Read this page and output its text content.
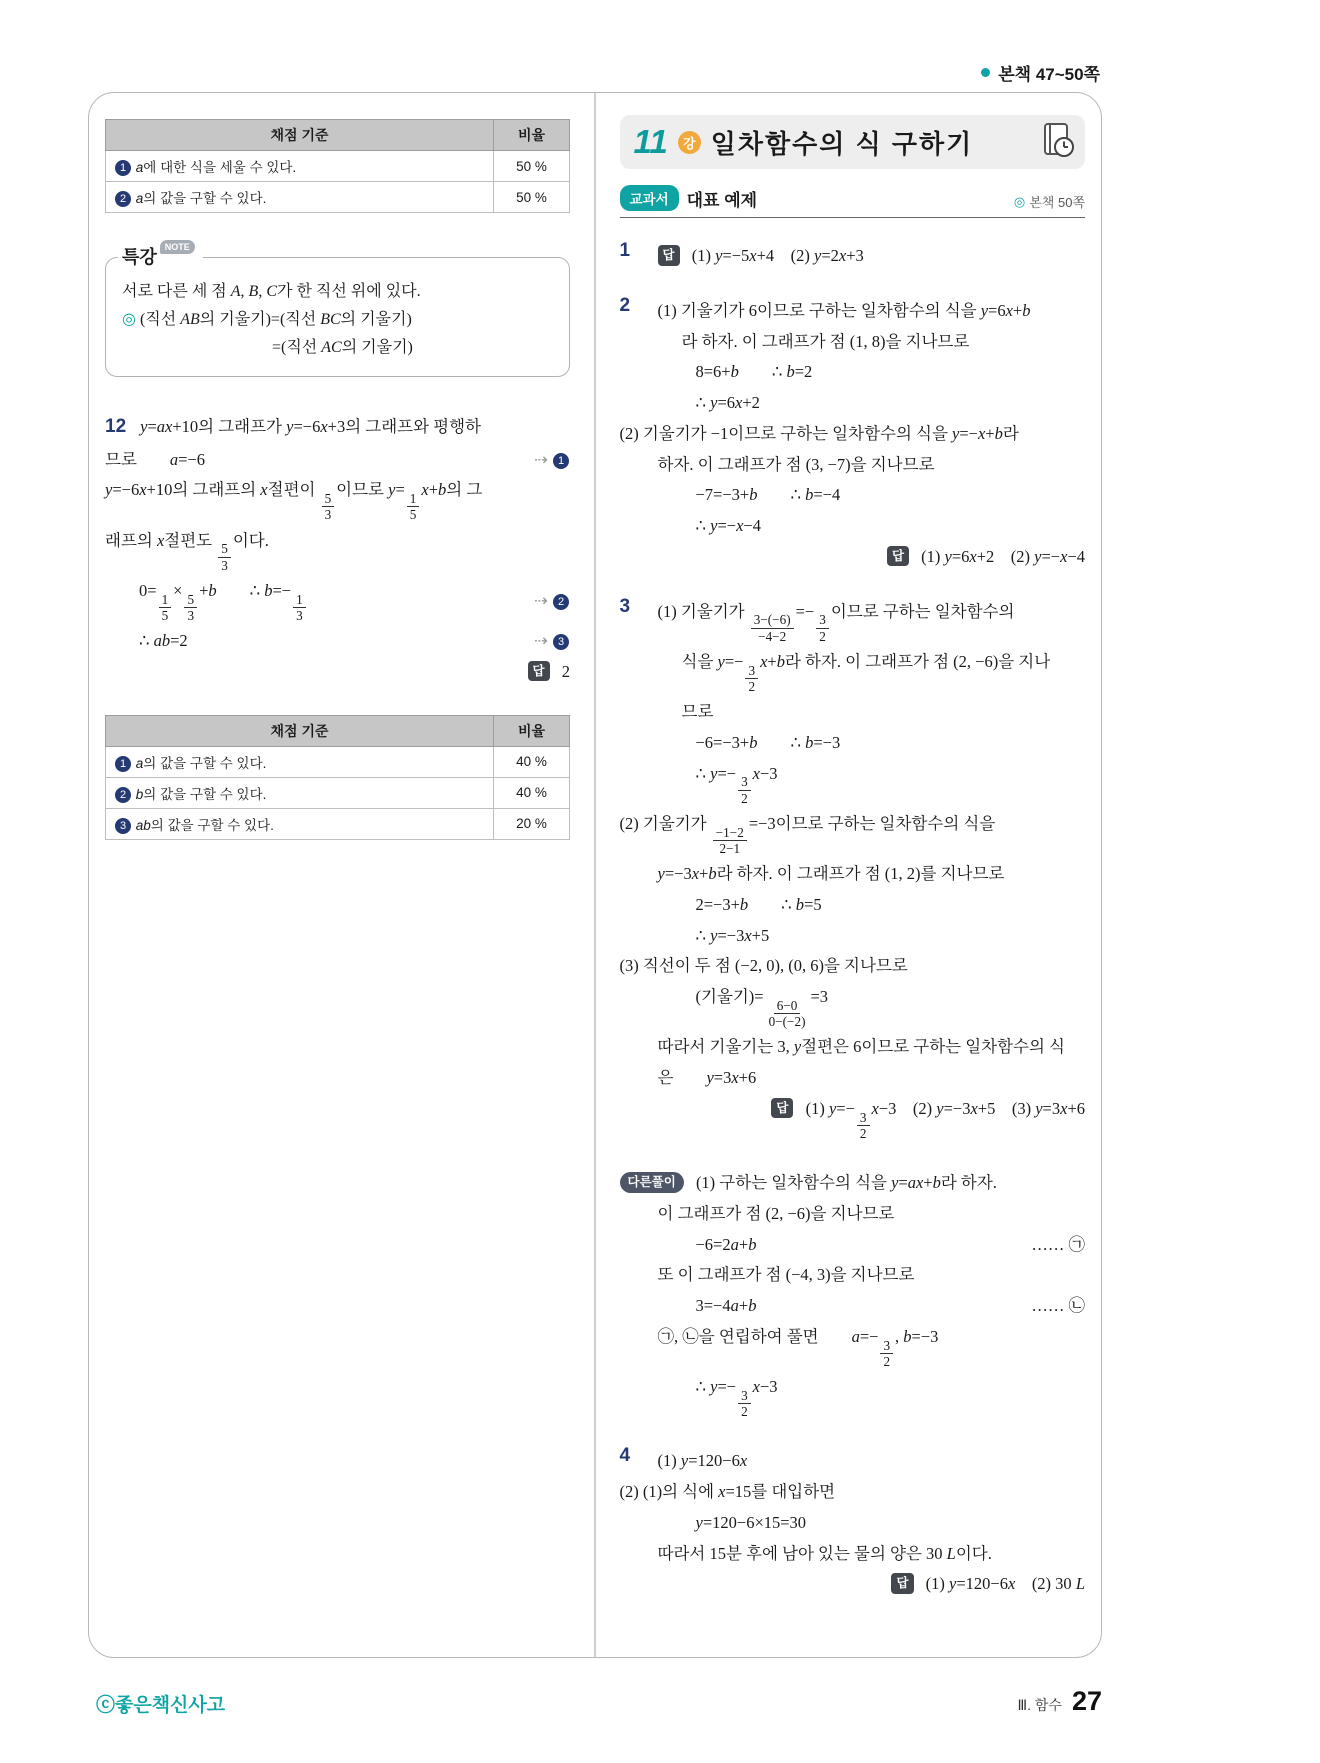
본책 47~50쪽
채점 기준	비율
1 a에 대한 식을 세울 수 있다.	50 %
2 a의 값을 구할 수 있다.	50 %
특강 NOTE
서로 다른 세 점 A, B, C가 한 직선 위에 있다.
◎ (직선 AB의 기울기)=(직선 BC의 기울기)
=(직선 AC의 기울기)
12 y=ax+10의 그래프가 y=−6x+3의 그래프와 평행하
므로  a=−6	⇢ 1
y=−6x+10의 그래프의 x절편이
$\frac{5}{3}$
이므로 y=
$\frac{1}{5}$
x+b의 그
래프의 x절편도
$\frac{5}{3}$
이다.
0=
$\frac{1}{5}$
×
$\frac{5}{3}$
+b  ∴ b=−
$\frac{1}{3}$	⇢ 2
∴ ab=2	⇢ 3
답 2
채점 기준	비율
1 a의 값을 구할 수 있다.	40 %
2 b의 값을 구할 수 있다.	40 %
3 ab의 값을 구할 수 있다.	20 %
11	강 일차함수의 식 구하기
교과서	대표 예제	◎ 본책 50쪽
1	답 (1) y=−5x+4 (2) y=2x+3
2	(1) 기울기가 6이므로 구하는 일차함수의 식을 y=6x+b
라 하자. 이 그래프가 점 (1, 8)을 지나므로
8=6+b  ∴ b=2
∴ y=6x+2
(2) 기울기가 −1이므로 구하는 일차함수의 식을 y=−x+b라
하자. 이 그래프가 점 (3, −7)을 지나므로
−7=−3+b  ∴ b=−4
∴ y=−x−4
답 (1) y=6x+2 (2) y=−x−4
3	(1) 기울기가
$\frac{3-(-6)}{-4-2}$
=−
$\frac{3}{2}$
이므로 구하는 일차함수의
식을 y=−
$\frac{3}{2}$
x+b라 하자. 이 그래프가 점 (2, −6)을 지나
므로
−6=−3+b  ∴ b=−3
∴ y=−
$\frac{3}{2}$
x−3
(2) 기울기가
$\frac{-1-2}{2-1}$
=−3이므로 구하는 일차함수의 식을
y=−3x+b라 하자. 이 그래프가 점 (1, 2)를 지나므로
2=−3+b  ∴ b=5
∴ y=−3x+5
(3) 직선이 두 점 (−2, 0), (0, 6)을 지나므로
(기울기)=
$\frac{6-0}{0-(-2)}$
=3
따라서 기울기는 3, y절편은 6이므로 구하는 일차함수의 식
은  y=3x+6
답 (1) y=−
$\frac{3}{2}$
x−3 (2) y=−3x+5 (3) y=3x+6
다른풀이 (1) 구하는 일차함수의 식을 y=ax+b라 하자.
이 그래프가 점 (2, −6)을 지나므로
−6=2a+b	…… ㉠
또 이 그래프가 점 (−4, 3)을 지나므로
3=−4a+b	…… ㉡
㉠, ㉡을 연립하여 풀면  a=−
$\frac{3}{2}$
, b=−3
∴ y=−
$\frac{3}{2}$
x−3
4	(1) y=120−6x
(2) (1)의 식에 x=15를 대입하면
y=120−6×15=30
따라서 15분 후에 남아 있는 물의 양은 30 L이다.
답 (1) y=120−6x (2) 30 L
ⓒ좋은책신사고	Ⅲ. 함수 27
